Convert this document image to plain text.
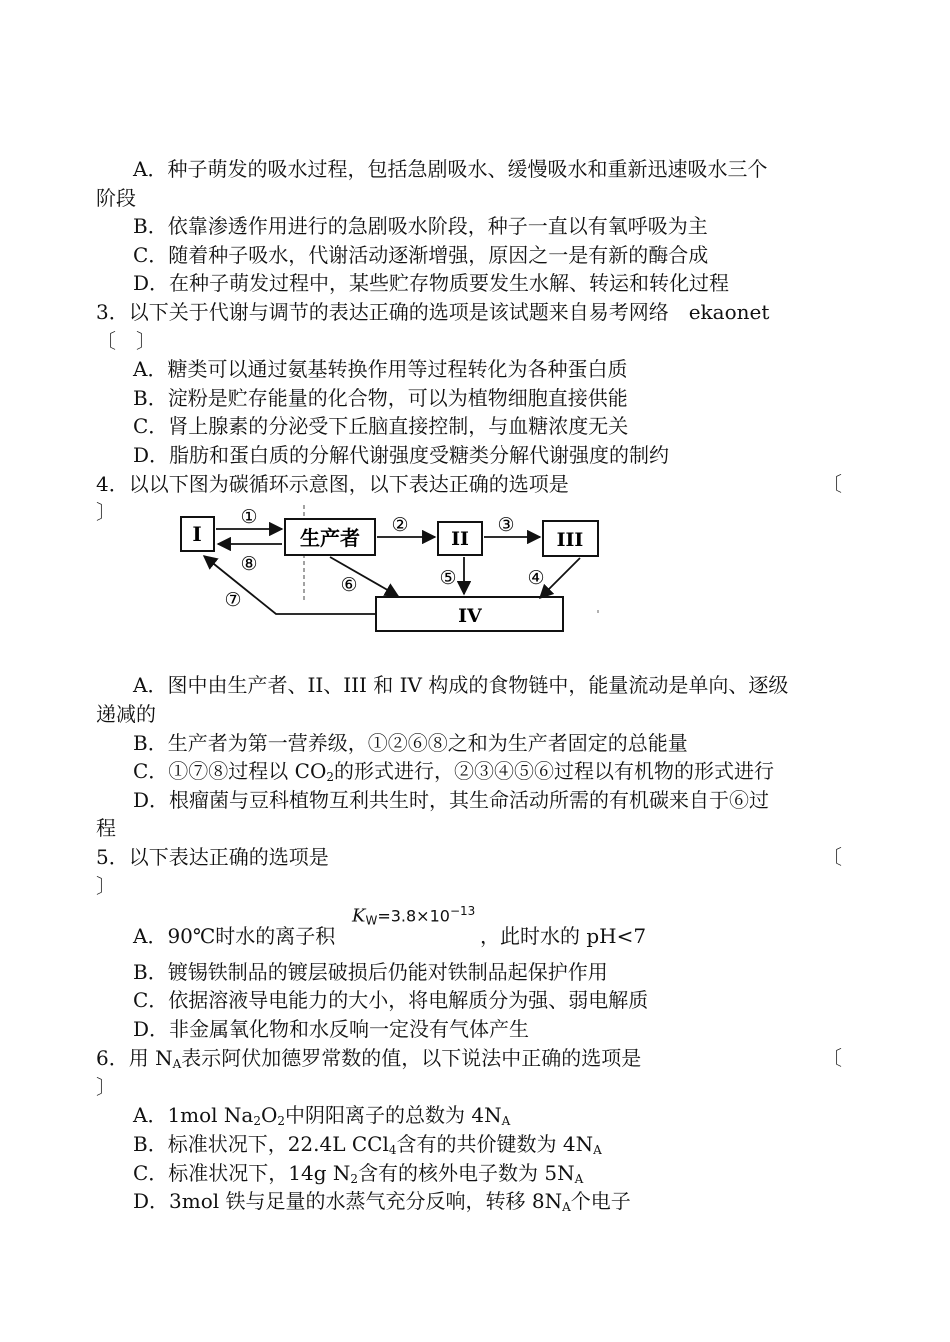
A．种子萌发的吸水过程，包括急剧吸水、缓慢吸水和重新迅速吸水三个
阶段
B．依靠渗透作用进行的急剧吸水阶段，种子一直以有氧呼吸为主
C．随着种子吸水，代谢活动逐渐增强，原因之一是有新的酶合成
D．在种子萌发过程中，某些贮存物质要发生水解、转运和转化过程
3．以下关于代谢与调节的表达正确的选项是该试题来自易考网络　ekaonet
〔　〕
A．糖类可以通过氨基转换作用等过程转化为各种蛋白质
B．淀粉是贮存能量的化合物，可以为植物细胞直接供能
C．肾上腺素的分泌受下丘脑直接控制，与血糖浓度无关
D．脂肪和蛋白质的分解代谢强度受糖类分解代谢强度的制约
4．以以下图为碳循环示意图，以下表达正确的选项是	〔
〕
I	生产者	II	III
IV
①
⑧
②	③
⑤	④
⑥
⑦
A．图中由生产者、II、III 和 IV 构成的食物链中，能量流动是单向、逐级
递减的
B．生产者为第一营养级，①②⑥⑧之和为生产者固定的总能量
C．①⑦⑧过程以 $CO_2$的形式进行，②③④⑤⑥过程以有机物的形式进行
D．根瘤菌与豆科植物互利共生时，其生命活动所需的有机碳来自于⑥过
程
5．以下表达正确的选项是	〔
〕
$K_W=3.8\times 10^{-13}$
A．90℃时水的离子积	，此时水的 pH<7
B．镀锡铁制品的镀层破损后仍能对铁制品起保护作用
C．依据溶液导电能力的大小，将电解质分为强、弱电解质
D．非金属氧化物和水反响一定没有气体产生
6．用 $N_A$表示阿伏加德罗常数的值，以下说法中正确的选项是	〔
〕
A．1mol $Na_2O_2$中阴阳离子的总数为 $4N_A$
B．标准状况下，22.4L CCl$_4$含有的共价键数为 $4N_A$
C．标准状况下，14g $N_2$含有的核外电子数为 $5N_A$
D．3mol 铁与足量的水蒸气充分反响，转移 $8N_A$个电子
